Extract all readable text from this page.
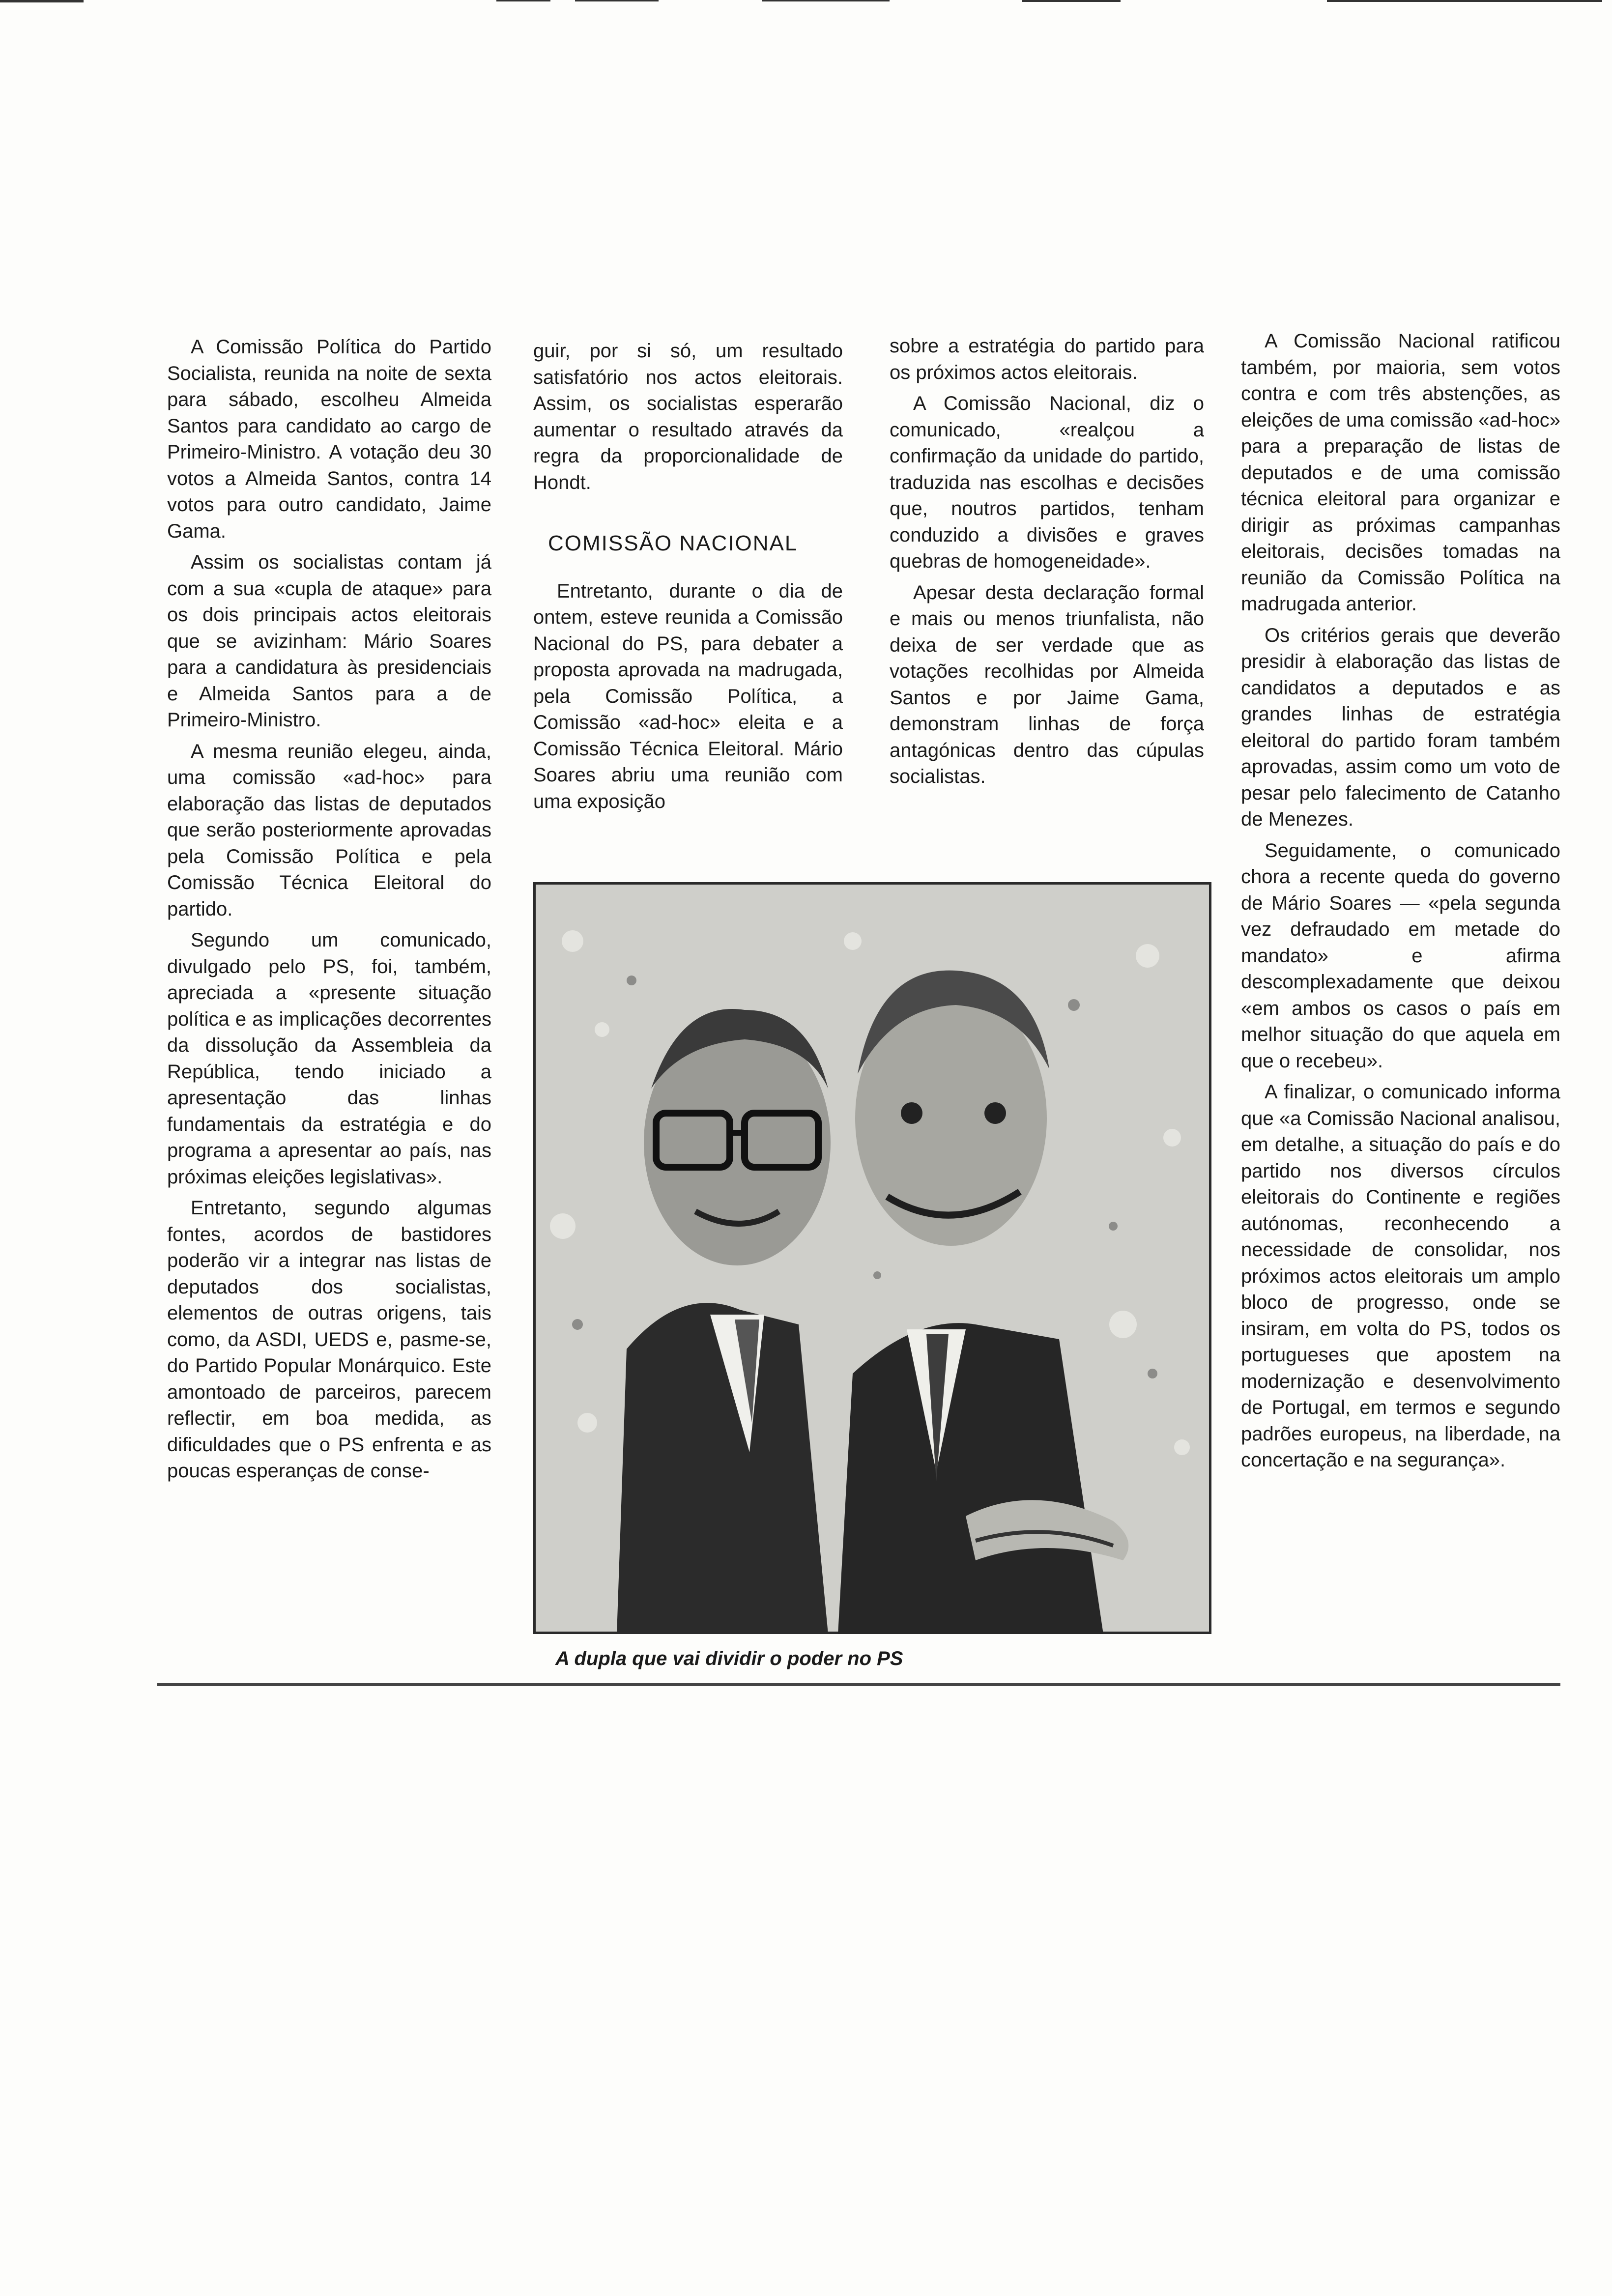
A Comissão Política do Partido Socialista, reunida na noite de sexta para sábado, escolheu Almeida Santos para candidato ao cargo de Primeiro-Ministro. A votação deu 30 votos a Almeida Santos, contra 14 votos para outro candidato, Jaime Gama.

Assim os socialistas contam já com a sua «cupla de ataque» para os dois principais actos eleitorais que se avizinham: Mário Soares para a candidatura às presidenciais e Almeida Santos para a de Primeiro-Ministro.

A mesma reunião elegeu, ainda, uma comissão «ad-hoc» para elaboração das listas de deputados que serão posteriormente aprovadas pela Comissão Política e pela Comissão Técnica Eleitoral do partido.

Segundo um comunicado, divulgado pelo PS, foi, também, apreciada a «presente situação política e as implicações decorrentes da dissolução da Assembleia da República, tendo iniciado a apresentação das linhas fundamentais da estratégia e do programa a apresentar ao país, nas próximas eleições legislativas».

Entretanto, segundo algumas fontes, acordos de bastidores poderão vir a integrar nas listas de deputados dos socialistas, elementos de outras origens, tais como, da ASDI, UEDS e, pasme-se, do Partido Popular Monárquico. Este amontoado de parceiros, parecem reflectir, em boa medida, as dificuldades que o PS enfrenta e as poucas esperanças de conse-

guir, por si só, um resultado satisfatório nos actos eleitorais. Assim, os socialistas esperarão aumentar o resultado através da regra da proporcionalidade de Hondt.

COMISSÃO NACIONAL

Entretanto, durante o dia de ontem, esteve reunida a Comissão Nacional do PS, para debater a proposta aprovada na madrugada, pela Comissão Política, a Comissão «ad-hoc» eleita e a Comissão Técnica Eleitoral. Mário Soares abriu uma reunião com uma exposição

sobre a estratégia do partido para os próximos actos eleitorais.

A Comissão Nacional, diz o comunicado, «realçou a confirmação da unidade do partido, traduzida nas escolhas e decisões que, noutros partidos, tenham conduzido a divisões e graves quebras de homogeneidade».

Apesar desta declaração formal e mais ou menos triunfalista, não deixa de ser verdade que as votações recolhidas por Almeida Santos e por Jaime Gama, demonstram linhas de força antagónicas dentro das cúpulas socialistas.

A Comissão Nacional ratificou também, por maioria, sem votos contra e com três abstenções, as eleições de uma comissão «ad-hoc» para a preparação de listas de deputados e de uma comissão técnica eleitoral para organizar e dirigir as próximas campanhas eleitorais, decisões tomadas na reunião da Comissão Política na madrugada anterior.

Os critérios gerais que deverão presidir à elaboração das listas de candidatos a deputados e as grandes linhas de estratégia eleitoral do partido foram também aprovadas, assim como um voto de pesar pelo falecimento de Catanho de Menezes.

Seguidamente, o comunicado chora a recente queda do governo de Mário Soares — «pela segunda vez defraudado em metade do mandato» e afirma descomplexadamente que deixou «em ambos os casos o país em melhor situação do que aquela em que o recebeu».

A finalizar, o comunicado informa que «a Comissão Nacional analisou, em detalhe, a situação do país e do partido nos diversos círculos eleitorais do Continente e regiões autónomas, reconhecendo a necessidade de consolidar, nos próximos actos eleitorais um amplo bloco de progresso, onde se insiram, em volta do PS, todos os portugueses que apostem na modernização e desenvolvimento de Portugal, em termos e segundo padrões europeus, na liberdade, na concertação e na segurança».

A dupla que vai dividir o poder no PS
